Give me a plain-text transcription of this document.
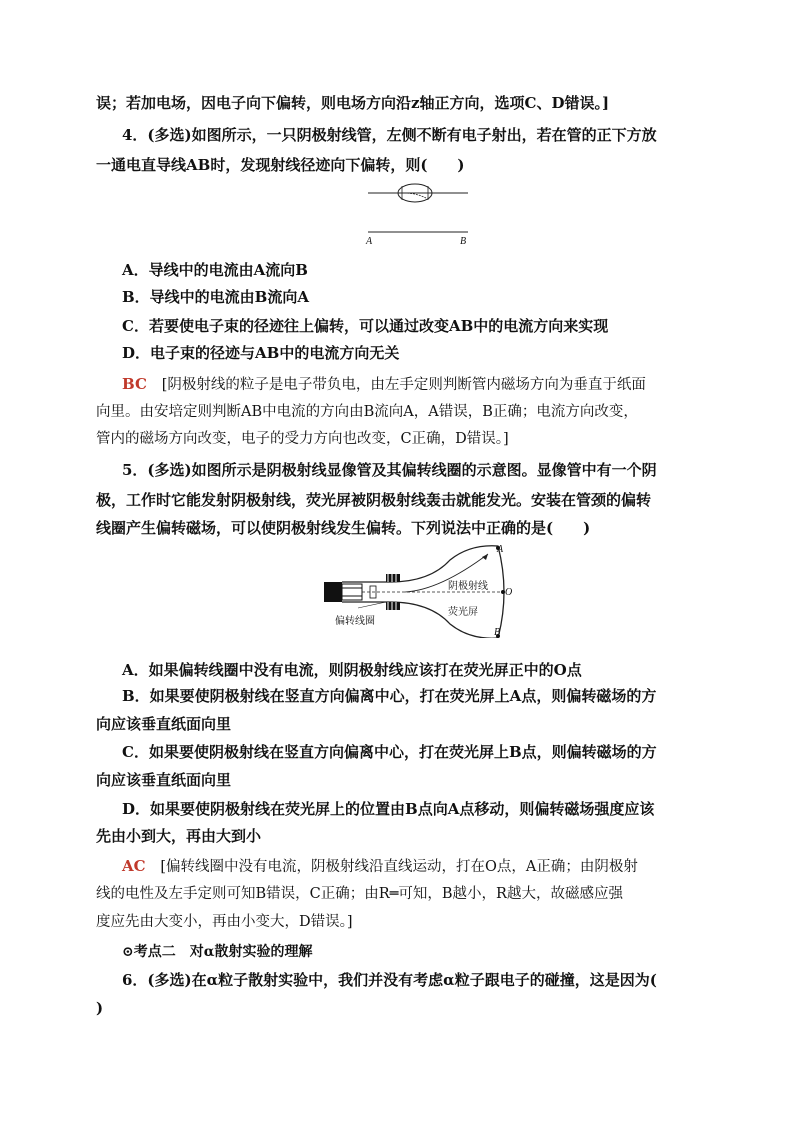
误；若加电场，因电子向下偏转，则电场方向沿z轴正方向，选项C、D错误。]
4．(多选)如图所示，一只阴极射线管，左侧不断有电子射出，若在管的正下方放
一通电直导线AB时，发现射线径迹向下偏转，则(　　)
A	B
A．导线中的电流由A流向B
B．导线中的电流由B流向A
C．若要使电子束的径迹往上偏转，可以通过改变AB中的电流方向来实现
D．电子束的径迹与AB中的电流方向无关
BC [阴极射线的粒子是电子带负电，由左手定则判断管内磁场方向为垂直于纸面
向里。由安培定则判断AB中电流的方向由B流向A，A错误，B正确；电流方向改变，
管内的磁场方向改变，电子的受力方向也改变，C正确，D错误。]
5．(多选)如图所示是阴极射线显像管及其偏转线圈的示意图。显像管中有一个阴
极，工作时它能发射阴极射线，荧光屏被阴极射线轰击就能发光。安装在管颈的偏转
线圈产生偏转磁场，可以使阴极射线发生偏转。下列说法中正确的是(　　)
A
O
B
阴极射线
荧光屏
偏转线圈
A．如果偏转线圈中没有电流，则阴极射线应该打在荧光屏正中的O点
B．如果要使阴极射线在竖直方向偏离中心，打在荧光屏上A点，则偏转磁场的方
向应该垂直纸面向里
C．如果要使阴极射线在竖直方向偏离中心，打在荧光屏上B点，则偏转磁场的方
向应该垂直纸面向里
D．如果要使阴极射线在荧光屏上的位置由B点向A点移动，则偏转磁场强度应该
先由小到大，再由大到小
AC [偏转线圈中没有电流，阴极射线沿直线运动，打在O点，A正确；由阴极射
线的电性及左手定则可知B错误，C正确；由R═可知，B越小，R越大，故磁感应强
度应先由大变小，再由小变大，D错误。]
⊙考点二　对α散射实验的理解
6．(多选)在α粒子散射实验中，我们并没有考虑α粒子跟电子的碰撞，这是因为(
)
